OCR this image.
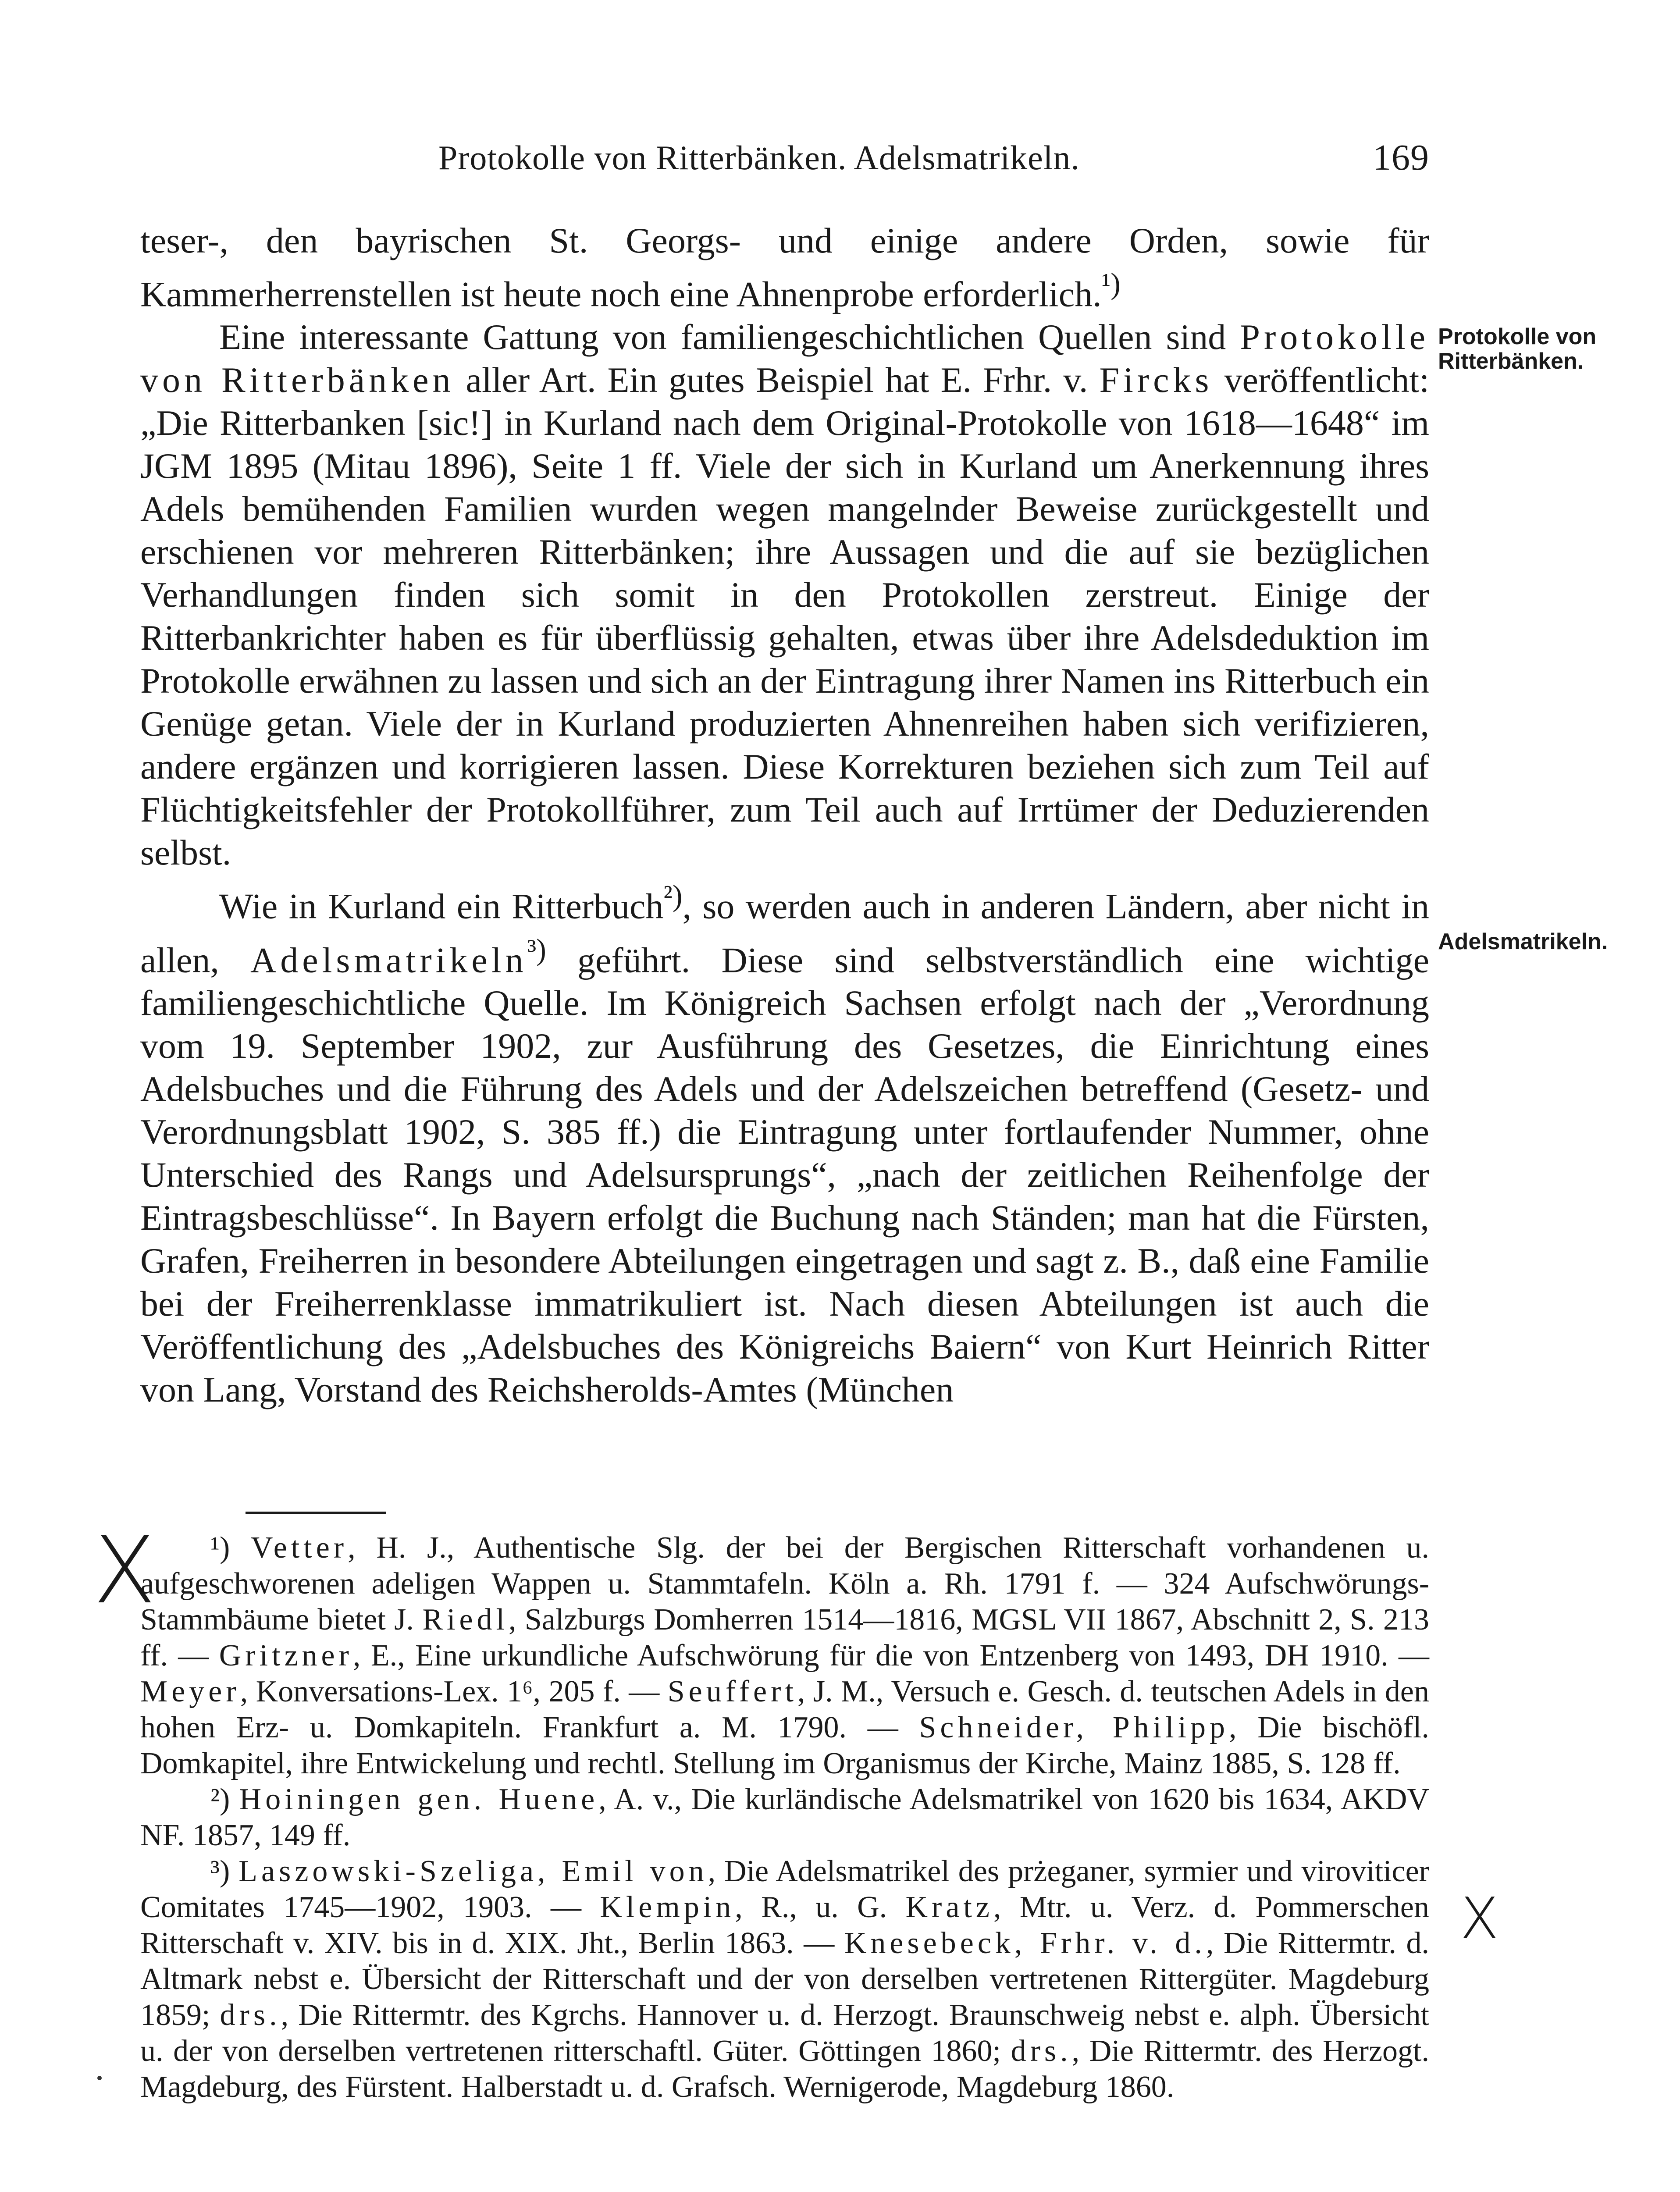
Protokolle von Ritterbänken. Adelsmatrikeln.	169

teser-, den bayrischen St. Georgs- und einige andere Orden, sowie für Kammerherrenstellen ist heute noch eine Ahnenprobe erforderlich.$^{^1)}$

Eine interessante Gattung von familiengeschichtlichen Quellen sind Protokolle von Ritterbänken aller Art. Ein gutes Beispiel hat E. Frhr. v. Fircks veröffentlicht: „Die Ritterbanken [sic!] in Kurland nach dem Original-Protokolle von 1618—1648“ im JGM 1895 (Mitau 1896), Seite 1 ff. Viele der sich in Kurland um Anerkennung ihres Adels bemühenden Familien wurden wegen mangelnder Beweise zurückgestellt und erschienen vor mehreren Ritterbänken; ihre Aussagen und die auf sie bezüglichen Verhandlungen finden sich somit in den Protokollen zerstreut. Einige der Ritterbankrichter haben es für überflüssig gehalten, etwas über ihre Adelsdeduktion im Protokolle erwähnen zu lassen und sich an der Eintragung ihrer Namen ins Ritterbuch ein Genüge getan. Viele der in Kurland produzierten Ahnenreihen haben sich verifizieren, andere ergänzen und korrigieren lassen. Diese Korrekturen beziehen sich zum Teil auf Flüchtigkeitsfehler der Protokollführer, zum Teil auch auf Irrtümer der Deduzierenden selbst.

Wie in Kurland ein Ritterbuch$^{^2)}$, so werden auch in anderen Ländern, aber nicht in allen, Adelsmatrikeln$^{^3)}$ geführt. Diese sind selbstverständlich eine wichtige familiengeschichtliche Quelle. Im Königreich Sachsen erfolgt nach der „Verordnung vom 19. September 1902, zur Ausführung des Gesetzes, die Einrichtung eines Adelsbuches und die Führung des Adels und der Adelszeichen betreffend (Gesetz- und Verordnungsblatt 1902, S. 385 ff.) die Eintragung unter fortlaufender Nummer, ohne Unterschied des Rangs und Adelsursprungs“, „nach der zeitlichen Reihenfolge der Eintragsbeschlüsse“. In Bayern erfolgt die Buchung nach Ständen; man hat die Fürsten, Grafen, Freiherren in besondere Abteilungen eingetragen und sagt z. B., daß eine Familie bei der Freiherrenklasse immatrikuliert ist. Nach diesen Abteilungen ist auch die Veröffentlichung des „Adelsbuches des Königreichs Baiern“ von Kurt Heinrich Ritter von Lang, Vorstand des Reichsherolds-Amtes (München

Protokolle von Ritterbänken.
Adelsmatrikeln.

¹) Vetter, H. J., Authentische Slg. der bei der Bergischen Ritterschaft vorhandenen u. aufgeschworenen adeligen Wappen u. Stammtafeln. Köln a. Rh. 1791 f. — 324 Aufschwörungs-Stammbäume bietet J. Riedl, Salzburgs Domherren 1514—1816, MGSL VII 1867, Abschnitt 2, S. 213 ff. — Gritzner, E., Eine urkundliche Aufschwörung für die von Entzenberg von 1493, DH 1910. — Meyer, Konversations-Lex. 1⁶, 205 f. — Seuffert, J. M., Versuch e. Gesch. d. teutschen Adels in den hohen Erz- u. Domkapiteln. Frankfurt a. M. 1790. — Schneider, Philipp, Die bischöfl. Domkapitel, ihre Entwickelung und rechtl. Stellung im Organismus der Kirche, Mainz 1885, S. 128 ff.

²) Hoiningen gen. Huene, A. v., Die kurländische Adelsmatrikel von 1620 bis 1634, AKDV NF. 1857, 149 ff.

³) Laszowski-Szeliga, Emil von, Die Adelsmatrikel des prżeganer, syrmier und viroviticer Comitates 1745—1902, 1903. — Klempin, R., u. G. Kratz, Mtr. u. Verz. d. Pommerschen Ritterschaft v. XIV. bis in d. XIX. Jht., Berlin 1863. — Knesebeck, Frhr. v. d., Die Rittermtr. d. Altmark nebst e. Übersicht der Ritterschaft und der von derselben vertretenen Rittergüter. Magdeburg 1859; drs., Die Rittermtr. des Kgrchs. Hannover u. d. Herzogt. Braunschweig nebst e. alph. Übersicht u. der von derselben vertretenen ritterschaftl. Güter. Göttingen 1860; drs., Die Rittermtr. des Herzogt. Magdeburg, des Fürstent. Halberstadt u. d. Grafsch. Wernigerode, Magdeburg 1860.

X
X
